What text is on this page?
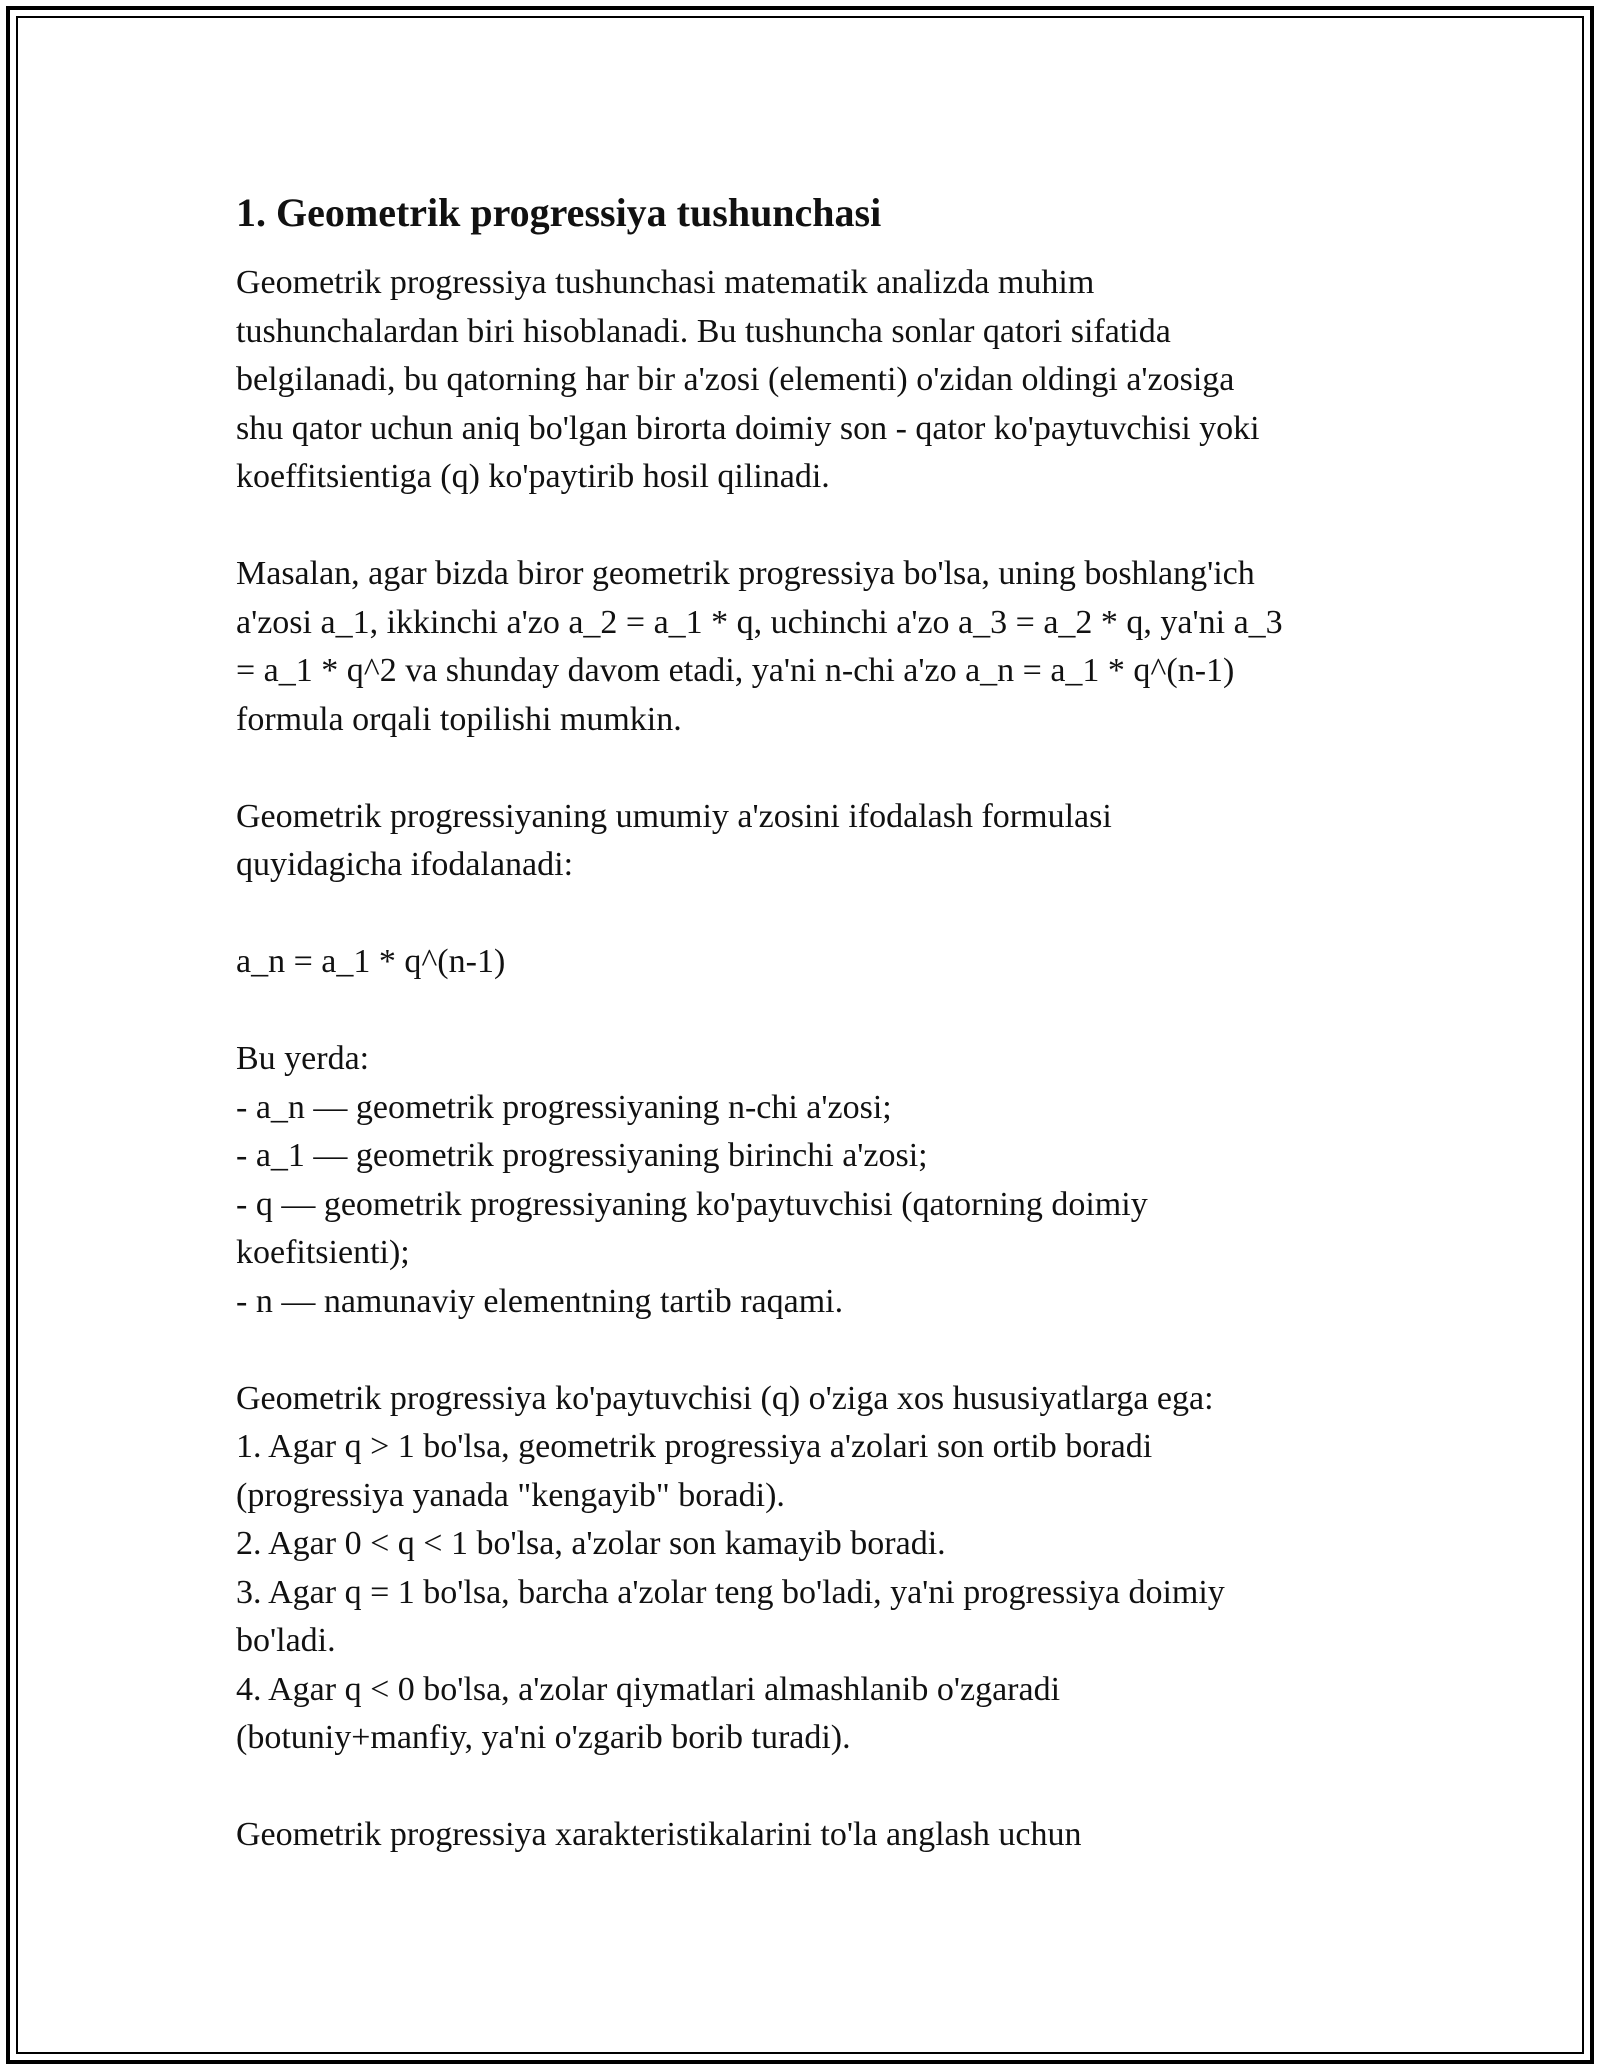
1. Geometrik progressiya tushunchasi
Geometrik progressiya tushunchasi matematik analizda muhim
tushunchalardan biri hisoblanadi. Bu tushuncha sonlar qatori sifatida
belgilanadi, bu qatorning har bir a'zosi (elementi) o'zidan oldingi a'zosiga
shu qator uchun aniq bo'lgan birorta doimiy son - qator ko'paytuvchisi yoki
koeffitsientiga (q) ko'paytirib hosil qilinadi.
Masalan, agar bizda biror geometrik progressiya bo'lsa, uning boshlang'ich
a'zosi a_1, ikkinchi a'zo a_2 = a_1 * q, uchinchi a'zo a_3 = a_2 * q, ya'ni a_3
= a_1 * q^2 va shunday davom etadi, ya'ni n-chi a'zo a_n = a_1 * q^(n-1)
formula orqali topilishi mumkin.
Geometrik progressiyaning umumiy a'zosini ifodalash formulasi
quyidagicha ifodalanadi:
a_n = a_1 * q^(n-1)
Bu yerda:
- a_n — geometrik progressiyaning n-chi a'zosi;
- a_1 — geometrik progressiyaning birinchi a'zosi;
- q — geometrik progressiyaning ko'paytuvchisi (qatorning doimiy
koefitsienti);
- n — namunaviy elementning tartib raqami.
Geometrik progressiya ko'paytuvchisi (q) o'ziga xos hususiyatlarga ega:
1. Agar q > 1 bo'lsa, geometrik progressiya a'zolari son ortib boradi
(progressiya yanada "kengayib" boradi).
2. Agar 0 < q < 1 bo'lsa, a'zolar son kamayib boradi.
3. Agar q = 1 bo'lsa, barcha a'zolar teng bo'ladi, ya'ni progressiya doimiy
bo'ladi.
4. Agar q < 0 bo'lsa, a'zolar qiymatlari almashlanib o'zgaradi
(botuniy+manfiy, ya'ni o'zgarib borib turadi).
Geometrik progressiya xarakteristikalarini to'la anglash uchun
